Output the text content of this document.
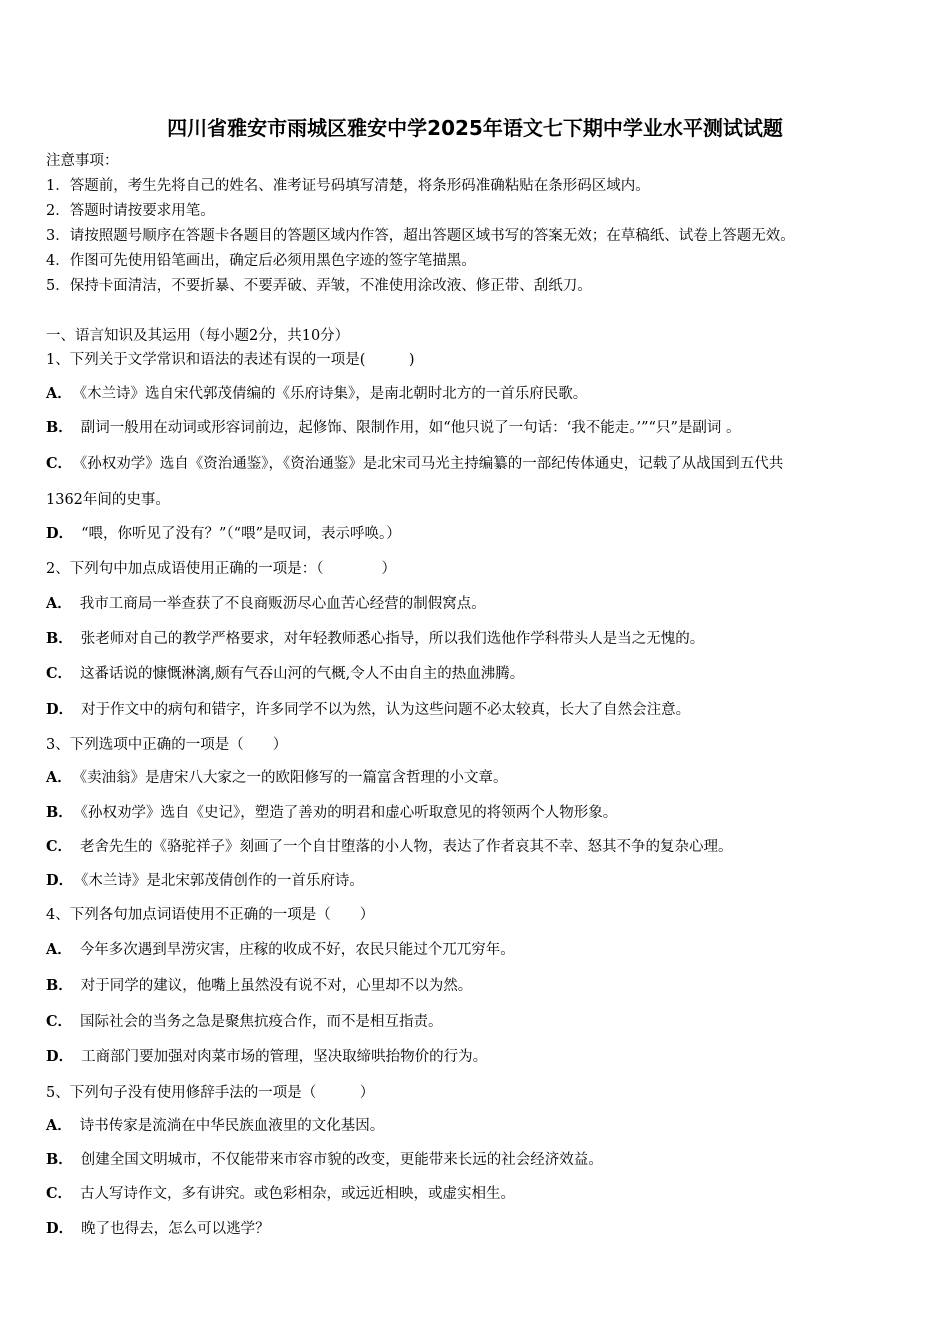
四川省雅安市雨城区雅安中学2025年语文七下期中学业水平测试试题
注意事项：
1．答题前，考生先将自己的姓名、准考证号码填写清楚，将条形码准确粘贴在条形码区域内。
2．答题时请按要求用笔。
3．请按照题号顺序在答题卡各题目的答题区域内作答，超出答题区域书写的答案无效；在草稿纸、试卷上答题无效。
4．作图可先使用铅笔画出，确定后必须用黑色字迹的签字笔描黑。
5．保持卡面清洁，不要折暴、不要弄破、弄皱，不准使用涂改液、修正带、刮纸刀。
一、语言知识及其运用（每小题2分，共10分）
1、下列关于文学常识和语法的表述有误的一项是(　　　)
A． 《木兰诗》选自宋代郭茂倩编的《乐府诗集》，是南北朝时北方的一首乐府民歌。
B． 副词一般用在动词或形容词前边，起修饰、限制作用，如“他只说了一句话：‘我不能走。’”“只”是副词 。
C． 《孙权劝学》选自《资治通鉴》，《资治通鉴》是北宋司马光主持编纂的一部纪传体通史，记载了从战国到五代共
1362年间的史事。
D． “喂，你听见了没有？”（“喂”是叹词，表示呼唤。）
2、下列句中加点成语使用正确的一项是：（　　　　）
A． 我市工商局一举查获了不良商贩沥尽心血苦心经营的制假窝点。
B． 张老师对自己的教学严格要求，对年轻教师悉心指导，所以我们选他作学科带头人是当之无愧的。
C． 这番话说的慷慨淋漓,颇有气吞山河的气概,令人不由自主的热血沸腾。
D． 对于作文中的病句和错字，许多同学不以为然，认为这些问题不必太较真，长大了自然会注意。
3、下列选项中正确的一项是（　　）
A． 《卖油翁》是唐宋八大家之一的欧阳修写的一篇富含哲理的小文章。
B． 《孙权劝学》选自《史记》，塑造了善劝的明君和虚心听取意见的将领两个人物形象。
C． 老舍先生的《骆驼祥子》刻画了一个自甘堕落的小人物，表达了作者哀其不幸、怒其不争的复杂心理。
D． 《木兰诗》是北宋郭茂倩创作的一首乐府诗。
4、下列各句加点词语使用不正确的一项是（　　）
A． 今年多次遇到旱涝灾害，庄稼的收成不好，农民只能过个兀兀穷年。
B． 对于同学的建议，他嘴上虽然没有说不对，心里却不以为然。
C． 国际社会的当务之急是聚焦抗疫合作，而不是相互指责。
D． 工商部门要加强对肉菜市场的管理，坚决取缔哄抬物价的行为。
5、下列句子没有使用修辞手法的一项是（　　　）
A． 诗书传家是流淌在中华民族血液里的文化基因。
B． 创建全国文明城市，不仅能带来市容市貌的改变，更能带来长远的社会经济效益。
C． 古人写诗作文，多有讲究。或色彩相杂，或远近相映，或虚实相生。
D． 晚了也得去，怎么可以逃学？
